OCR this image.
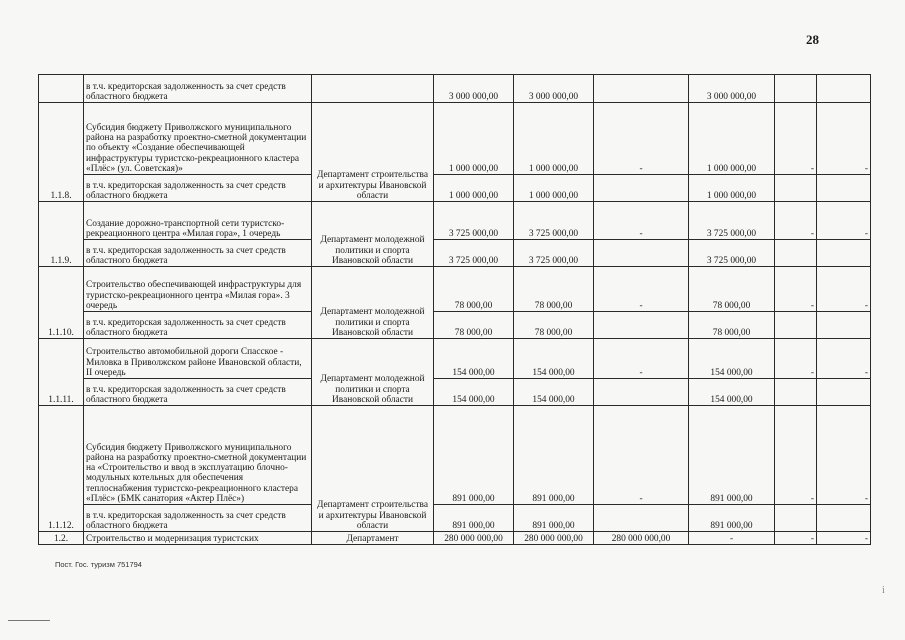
28
	в т.ч. кредиторская задолженность за счет средств областного бюджета		3 000 000,00	3 000 000,00		3 000 000,00		
1.1.8.	Субсидия бюджету Приволжского муниципального района на разработку проектно-сметной документации по объекту «Создание обеспечивающей инфраструктуры туристско-рекреационного кластера «Плёс» (ул. Советская)»	Департамент строительства и архитектуры Ивановской области	1 000 000,00	1 000 000,00	-	1 000 000,00	-	-
	в т.ч. кредиторская задолженность за счет средств областного бюджета		1 000 000,00	1 000 000,00		1 000 000,00		
1.1.9.	Создание дорожно-транспортной сети туристско-рекреационного центра «Милая гора», 1 очередь	Департамент молодежной политики и спорта Ивановской области	3 725 000,00	3 725 000,00	-	3 725 000,00	-	-
	в т.ч. кредиторская задолженность за счет средств областного бюджета		3 725 000,00	3 725 000,00		3 725 000,00		
1.1.10.	Строительство обеспечивающей инфраструктуры для туристско-рекреационного центра «Милая гора». 3 очередь	Департамент молодежной политики и спорта Ивановской области	78 000,00	78 000,00	-	78 000,00	-	-
	в т.ч. кредиторская задолженность за счет средств областного бюджета		78 000,00	78 000,00		78 000,00		
1.1.11.	Строительство автомобильной дороги Спасское - Миловка в Приволжском районе Ивановской области, II очередь	Департамент молодежной политики и спорта Ивановской области	154 000,00	154 000,00	-	154 000,00	-	-
	в т.ч. кредиторская задолженность за счет средств областного бюджета		154 000,00	154 000,00		154 000,00		
1.1.12.	Субсидия бюджету Приволжского муниципального района на разработку проектно-сметной документации на «Строительство и ввод в эксплуатацию блочно-модульных котельных для обеспечения теплоснабжения туристско-рекреационного кластера «Плёс» (БМК санатория «Актер Плёс»)	Департамент строительства и архитектуры Ивановской области	891 000,00	891 000,00	-	891 000,00	-	-
	в т.ч. кредиторская задолженность за счет средств областного бюджета		891 000,00	891 000,00		891 000,00		
1.2.	Строительство и модернизация туристских	Департамент	280 000 000,00	280 000 000,00	280 000 000,00	-	-	-
Пост. Гос. туризм 751794
i
